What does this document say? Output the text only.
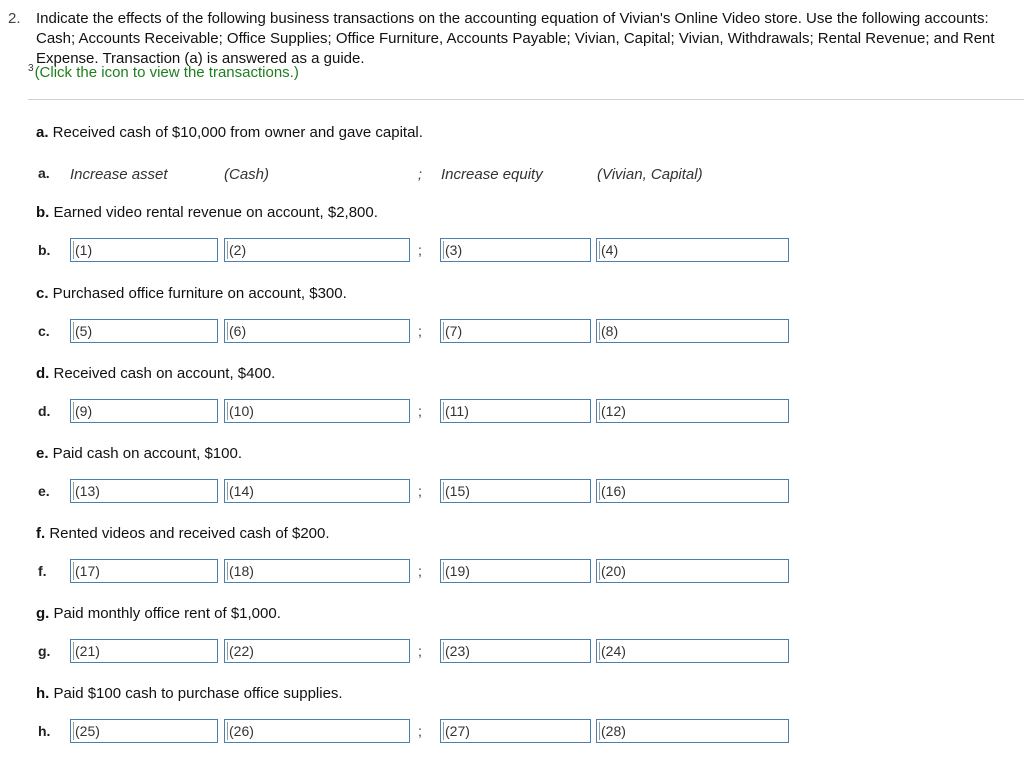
2. Indicate the effects of the following business transactions on the accounting equation of Vivian's Online Video store. Use the following accounts: Cash; Accounts Receivable; Office Supplies; Office Furniture, Accounts Payable; Vivian, Capital; Vivian, Withdrawals; Rental Revenue; and Rent Expense. Transaction (a) is answered as a guide.
$^3$(Click the icon to view the transactions.)
a. Received cash of $10,000 from owner and gave capital.
a. Increase asset	(Cash)	; Increase equity	(Vivian, Capital)
b. Earned video rental revenue on account, $2,800.
b. (1)	(2)	; (3)	(4)
c. Purchased office furniture on account, $300.
c. (5)	(6)	; (7)	(8)
d. Received cash on account, $400.
d. (9)	(10)	; (11)	(12)
e. Paid cash on account, $100.
e. (13)	(14)	; (15)	(16)
f. Rented videos and received cash of $200.
f. (17)	(18)	; (19)	(20)
g. Paid monthly office rent of $1,000.
g. (21)	(22)	; (23)	(24)
h. Paid $100 cash to purchase office supplies.
h. (25)	(26)	; (27)	(28)
